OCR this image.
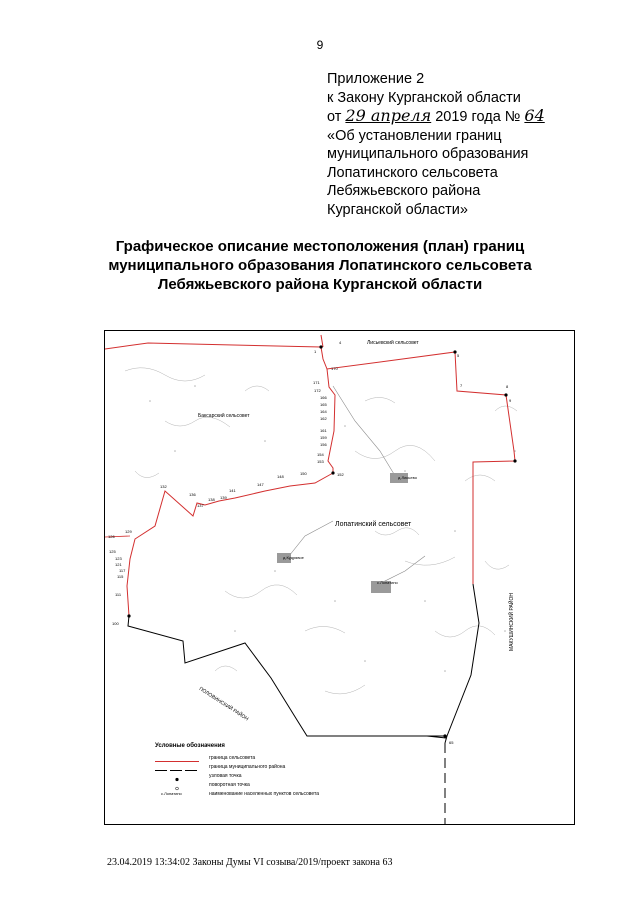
9
Приложение 2
к Закону Курганской области
от 29 апреля 2019 года № 64
«Об установлении границ
муниципального образования
Лопатинского сельсовета
Лебяжьевского района
Курганской области»
Графическое описание местоположения (план) границ
муниципального образования Лопатинского сельсовета
Лебяжьевского района Курганской области
Лисьевский сельсовет
Баксарский сельсовет
Лопатинский сельсовет
ПОЛОВИНСКИЙ РАЙОН
МАКУШИНСКИЙ РАЙОН
д.Лисьево
д.Кудрявое
с.Лопатино
4
1
5
7	8
9
170
171
172
166
165
164
162
161
159
156
154
153
152
150
148
147
141
139
138
137
136
132
129
126
125
123
121
117
115
111
100
65
Условные обозначения
граница сельсовета
граница муниципального района
узловая точка
поворотная точка
с.Лопатино	наименование населенных пунктов сельсовета
23.04.2019 13:34:02 Законы Думы VI созыва/2019/проект закона 63
